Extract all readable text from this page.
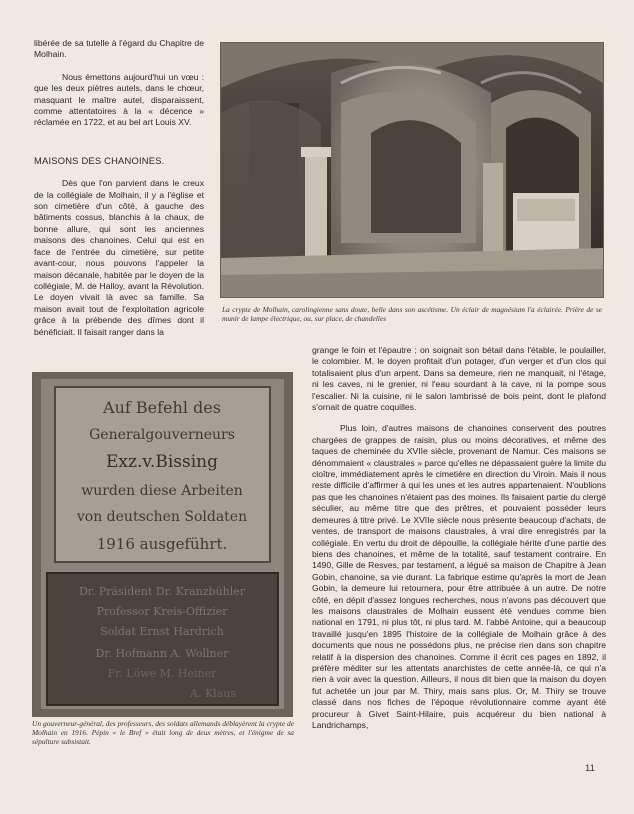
libérée de sa tutelle à l'égard du Chapitre de Molhain.

Nous émettons aujourd'hui un vœu : que les deux piètres autels, dans le chœur, masquant le maître autel, disparaissent, comme attentatoires à la « décence » réclamée en 1722, et au bel art Louis XV.

MAISONS DES CHANOINES.

Dès que l'on parvient dans le creux de la collégiale de Molhain, il y a l'église et son cimetière d'un côté, à gauche des bâtiments cossus, blanchis à la chaux, de bonne allure, qui sont les anciennes maisons des chanoines. Celui qui est en face de l'entrée du cimetière, sur petite avant-cour, nous pouvons l'appeler la maison décanale, habitée par le doyen de la collégiale, M. de Halloy, avant la Révolution. Le doyen vivait là avec sa famille. Sa maison avait tout de l'exploitation agricole grâce à la prébende des dîmes dont il bénéficiait. Il faisait ranger dans la

La crypte de Molhain, carolingienne sans doute, belle dans son ascétisme. Un éclair de magnésium l'a éclairée. Prière de se munir de lampe électrique, ou, sur place, de chandelles

Auf Befehl des
Generalgouverneurs
Exz.v.Bissing
wurden diese Arbeiten
von deutschen Soldaten
1916 ausgeführt.
Dr. Präsident Dr. Kranzbühler
Professor Kreis-Offizier
Soldat Ernst Hardrich
Dr. Hofmann A. Wollner
Fr. Löwe M. Heiner
A. Klaus

Un gouverneur-général, des professeurs, des soldats allemands déblayèrent la crypte de Molhain en 1916. Pépin « le Bref » était long de deux mètres, et l'énigme de sa sépulture subsistait.

grange le foin et l'épautre ; on soignait son bétail dans l'étable, le poulailler, le colombier. M. le doyen profitait d'un potager, d'un verger et d'un clos qui totalisaient plus d'un arpent. Dans sa demeure, rien ne manquait, ni l'étage, ni les caves, ni le grenier, ni l'eau sourdant à la cave, ni la pompe sous l'escalier. Ni la cuisine, ni le salon lambrissé de bois peint, dont le plafond s'ornait de quatre coquilles.

Plus loin, d'autres maisons de chanoines conservent des poutres chargées de grappes de raisin, plus ou moins décoratives, et même des taques de cheminée du XVIIe siècle, provenant de Namur. Ces maisons se dénommaient « claustrales » parce qu'elles ne dépassaient guère la limite du cloître, immédiatement après le cimetière en direction du Viroin. Mais il nous reste difficile d'affirmer à qui les unes et les autres appartenaient. N'oublions pas que les chanoines n'étaient pas des moines. Ils faisaient partie du clergé séculier, au même titre que des prêtres, et pouvaient posséder leurs demeures à titre privé. Le XVIIe siècle nous présente beaucoup d'achats, de ventes, de transport de maisons claustrales, à vrai dire enregistrés par la collégiale. En vertu du droit de dépouille, la collégiale hérite d'une partie des biens des chanoines, et même de la totalité, sauf testament contraire. En 1490, Gille de Resves, par testament, a légué sa maison de Chapitre à Jean Gobin, chanoine, sa vie durant. La fabrique estime qu'après la mort de Jean Gobin, la demeure lui retournera, pour être attribuée à un autre. De notre côté, en dépit d'assez longues recherches, nous n'avons pas découvert que les maisons claustrales de Molhain eussent été vendues comme bien national en 1791, ni plus tôt, ni plus tard. M. l'abbé Antoine, qui a beaucoup travaillé jusqu'en 1895 l'histoire de la collégiale de Molhain grâce à des documents que nous ne possédons plus, ne précise rien dans son chapitre relatif à la dispersion des chanoines. Comme il écrit ces pages en 1892, il préfère méditer sur les attentats anarchistes de cette année-là, ce qui n'a rien à voir avec la question. Ailleurs, il nous dit bien que la maison du doyen fut achetée un jour par M. Thiry, mais sans plus. Or, M. Thiry se trouve classé dans nos fiches de l'époque révolutionnaire comme ayant été procureur à Givet Saint-Hilaire, puis acquéreur du bien national à Landrichamps,

11
